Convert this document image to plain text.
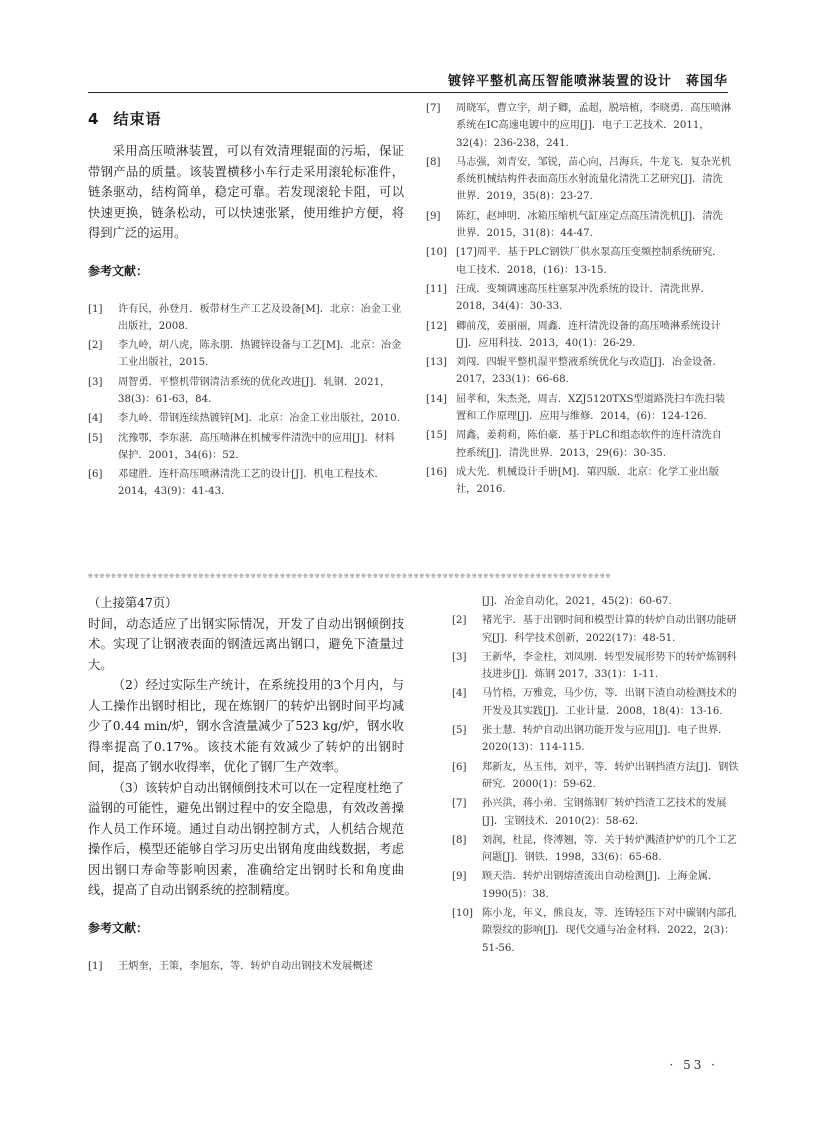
镀锌平整机高压智能喷淋装置的设计　蒋国华
4 结束语

采用高压喷淋装置，可以有效清理辊面的污垢，保证带钢产品的质量。该装置横移小车行走采用滚轮标准件，链条驱动，结构简单，稳定可靠。若发现滚轮卡阻，可以快速更换，链条松动，可以快速张紧，使用维护方便，将得到广泛的运用。

参考文献：
[1] 许有民，孙登月．板带材生产工艺及设备[M]．北京：冶金工业出版社，2008.
[2] 李九岭，胡八虎，陈永朋．热镀锌设备与工艺[M]．北京：冶金工业出版社，2015.
[3] 周智勇．平整机带钢清洁系统的优化改进[J]．轧钢．2021，38(3)：61-63，84.
[4] 李九岭．带钢连续热镀锌[M]．北京：冶金工业出版社，2010.
[5] 沈豫鄂，李东湛．高压喷淋在机械零件清洗中的应用[J]．材料保护．2001，34(6)：52.
[6] 邓建胜．连杆高压喷淋清洗工艺的设计[J]．机电工程技术．2014，43(9)：41-43.
[7] 周晓军，曹立宇，胡子卿，孟超，脱培植，李晓勇．高压喷淋系统在IC高速电镀中的应用[J]．电子工艺技术．2011，32(4)：236-238，241.
[8] 马志强，刘青安，邹锐，苗心向，吕海兵，牛龙飞．复杂光机系统机械结构件表面高压水射流量化清洗工艺研究[J]．清洗世界．2019，35(8)：23-27.
[9] 陈红，赵坤明．冰箱压缩机气缸座定点高压清洗机[J]．清洗世界．2015，31(8)：44-47.
[10] [17]周平．基于PLC钢铁厂供水泵高压变频控制系统研究．电工技术．2018，(16)：13-15.
[11] 汪成．变频调速高压柱塞泵冲洗系统的设计．清洗世界．2018，34(4)：30-33.
[12] 卿前茂，姜丽丽，周鑫．连杆清洗设备的高压喷淋系统设计[J]．应用科技．2013，40(1)：26-29.
[13] 刘闯．四辊平整机湿平整液系统优化与改造[J]．冶金设备．2017，233(1)：66-68.
[14] 屈孝和，朱杰尧，周吉．XZJ5120TXS型道路洗扫车洗扫装置和工作原理[J]．应用与维修．2014，(6)：124-126.
[15] 周鑫，姜莉莉，陈伯豪．基于PLC和组态软件的连杆清洗自控系统[J]．清洗世界．2013，29(6)：30-35.
[16] 成大先．机械设计手册[M]．第四版．北京：化学工业出版社，2016.
❊❊❊❊❊❊❊❊❊❊❊❊❊❊❊❊❊❊❊❊❊❊❊❊❊❊❊❊❊❊❊❊❊❊❊❊❊❊❊❊❊❊❊❊❊❊❊❊❊❊❊❊❊❊❊❊❊❊❊❊❊❊❊❊❊❊❊❊❊❊❊❊❊❊❊❊❊❊❊❊❊❊❊❊❊❊❊❊❊❊

（上接第47页）

时间，动态适应了出钢实际情况，开发了自动出钢倾倒技术。实现了让钢液表面的钢渣远离出钢口，避免下渣量过大。

（2）经过实际生产统计，在系统投用的3个月内，与人工操作出钢时相比，现在炼钢厂的转炉出钢时间平均减少了0.44 min/炉，钢水含渣量减少了523 kg/炉，钢水收得率提高了0.17%。该技术能有效减少了转炉的出钢时间，提高了钢水收得率，优化了钢厂生产效率。

（3）该转炉自动出钢倾倒技术可以在一定程度杜绝了溢钢的可能性，避免出钢过程中的安全隐患，有效改善操作人员工作环境。通过自动出钢控制方式，人机结合规范操作后，模型还能够自学习历史出钢角度曲线数据，考虑因出钢口寿命等影响因素，准确给定出钢时长和角度曲线，提高了自动出钢系统的控制精度。

参考文献：
[1] 王炳奎，王策，李旭东，等．转炉自动出钢技术发展概述
[J]．冶金自动化，2021，45(2)：60-67.
[2] 褚光宇．基于出钢时间和模型计算的转炉自动出钢功能研究[J]．科学技术创新，2022(17)：48-51.
[3] 王新华，李金柱，刘凤刚．转型发展形势下的转炉炼钢科技进步[J]．炼钢 2017，33(1)：1-11.
[4] 马竹梧，万雅竞，马少仿，等．出钢下渣自动检测技术的开发及其实践[J]．工业计量．2008，18(4)：13-16.
[5] 张士慧．转炉自动出钢功能开发与应用[J]．电子世界．2020(13)：114-115.
[6] 郑新友，丛玉伟，刘平，等．转炉出钢挡渣方法[J]．钢铁研究．2000(1)：59-62.
[7] 孙兴洪，蒋小弟．宝钢炼钢厂转炉挡渣工艺技术的发展[J]．宝钢技术．2010(2)：58-62.
[8] 刘润，杜昆，佟溥翘，等．关于转炉溅渣护炉的几个工艺问题[J]．钢铁．1998，33(6)：65-68.
[9] 顾天浩．转炉出钢熔渣流出自动检测[J]．上海金属．1990(5)：38.
[10] 陈小龙，年义，熊良友，等．连铸轻压下对中碳钢内部孔隙裂纹的影响[J]．现代交通与冶金材料．2022，2(3)：51-56.
· 53 ·
